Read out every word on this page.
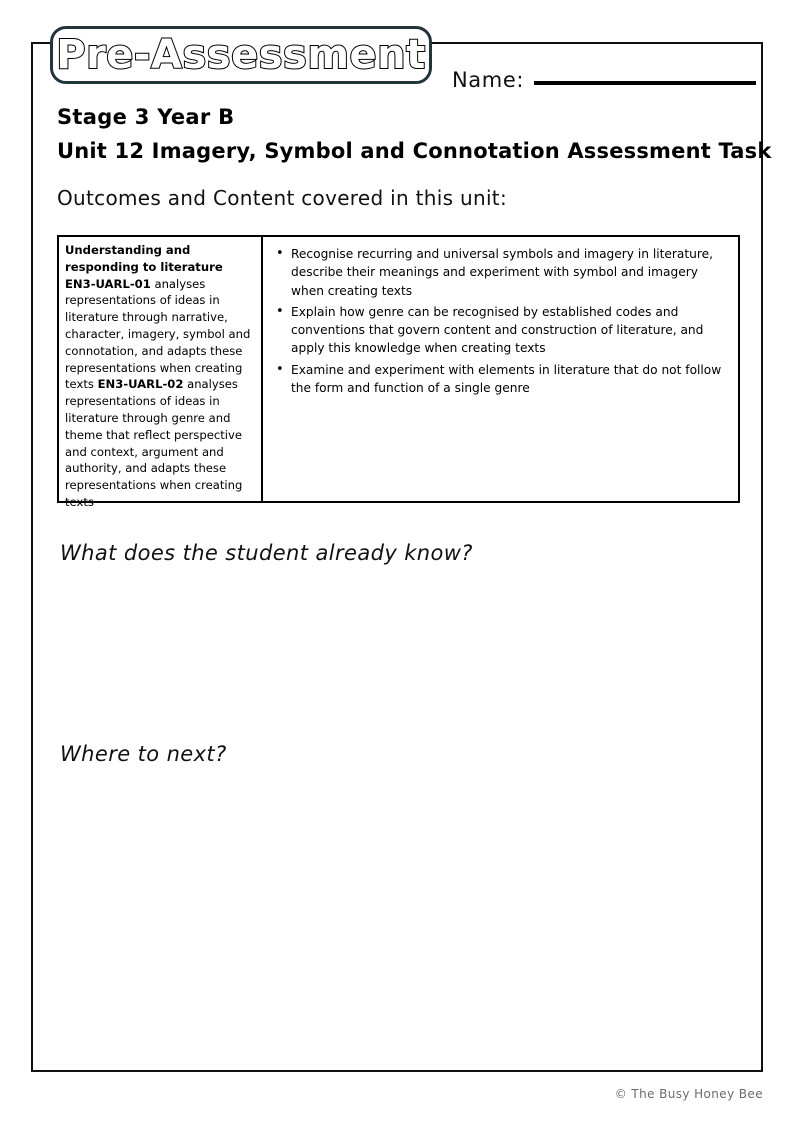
Pre-Assessment
Name:
Stage 3 Year B
Unit 12 Imagery, Symbol and Connotation Assessment Task
Outcomes and Content covered in this unit:
Understanding and responding to literature
EN3-UARL-01 analyses representations of ideas in literature through narrative, character, imagery, symbol and connotation, and adapts these representations when creating texts EN3-UARL-02 analyses representations of ideas in literature through genre and theme that reflect perspective and context, argument and authority, and adapts these representations when creating texts
• Recognise recurring and universal symbols and imagery in literature, describe their meanings and experiment with symbol and imagery when creating texts
• Explain how genre can be recognised by established codes and conventions that govern content and construction of literature, and apply this knowledge when creating texts
• Examine and experiment with elements in literature that do not follow the form and function of a single genre
What does the student already know?
Where to next?
© The Busy Honey Bee
